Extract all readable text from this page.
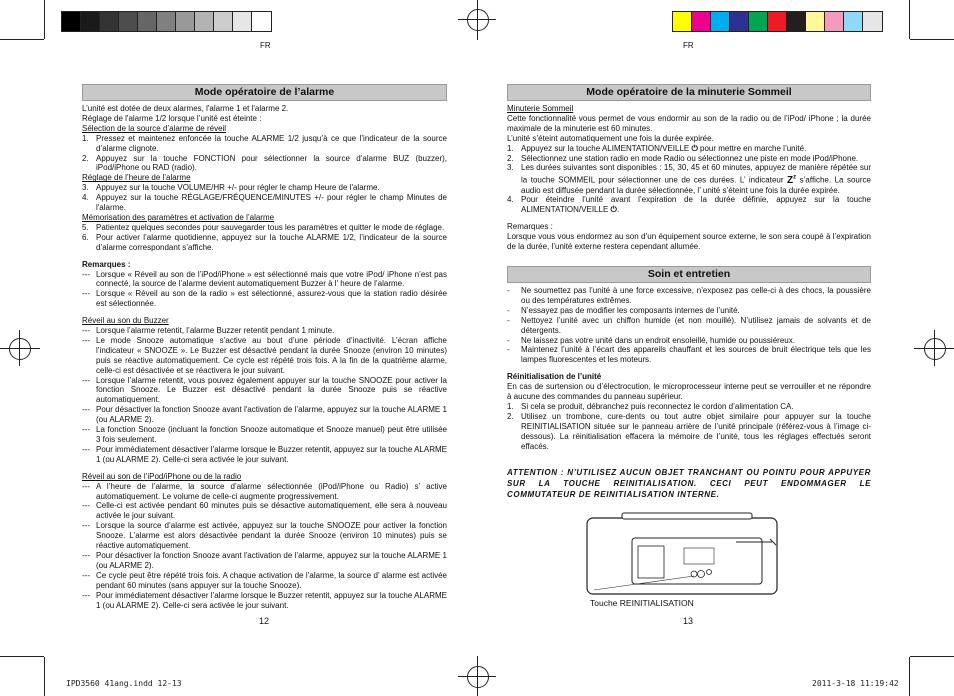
FR	FR
Mode opératoire de l’alarme

L’unité est dotée de deux alarmes, l'alarme 1 et l'alarme 2.

Réglage de l'alarme 1/2 lorsque l’unité est éteinte :

Sélection de la source d’alarme de réveil

1. Pressez et maintenez enfoncée la touche ALARME 1/2 jusqu’à ce que l’indicateur de la source d’alarme clignote.
2. Appuyez sur la touche FONCTION pour sélectionner la source d’alarme BUZ (buzzer), iPod/iPhone ou RAD (radio).

Réglage de l’heure de l’alarme

3. Appuyez sur la touche VOLUME/HR +/- pour régler le champ Heure de l'alarme.
4. Appuyez sur la touche RÉGLAGE/FRÉQUENCE/MINUTES +/- pour régler le champ Minutes de l'alarme.

Mémorisation des paramètres et activation de l’alarme

5. Patientez quelques secondes pour sauvegarder tous les paramètres et quitter le mode de réglage.
6. Pour activer l’alarme quotidienne, appuyez sur la touche ALARME 1/2, l’indicateur de la source d’alarme correspondant s’affiche.

Remarques :

--- Lorsque « Réveil au son de l’iPod/iPhone » est sélectionné mais que votre iPod/ iPhone n’est pas connecté, la source de l’alarme devient automatiquement Buzzer à l’ heure de l’alarme.
--- Lorsque « Réveil au son de la radio » est sélectionné, assurez-vous que la station radio désirée est sélectionnée.

Réveil au son du Buzzer

--- Lorsque l’alarme retentit, l’alarme Buzzer retentit pendant 1 minute.
--- Le mode Snooze automatique s’active au bout d’une période d’inactivité. L’écran affiche l’indicateur « SNOOZE ». Le Buzzer est désactivé pendant la durée Snooze (environ 10 minutes) puis se réactive automatiquement. Ce cycle est répété trois fois. A la fin de la quatrième alarme, celle-ci est désactivée et se réactivera le jour suivant.
--- Lorsque l’alarme retentit, vous pouvez également appuyer sur la touche SNOOZE pour activer la fonction Snooze. Le Buzzer est désactivé pendant la durée Snooze puis se réactive automatiquement.
--- Pour désactiver la fonction Snooze avant l'activation de l’alarme, appuyez sur la touche ALARME 1 (ou ALARME 2).
--- La fonction Snooze (incluant la fonction Snooze automatique et Snooze manuel) peut être utilisée 3 fois seulement.
--- Pour immédiatement désactiver l’alarme lorsque le Buzzer retentit, appuyez sur la touche ALARME 1 (ou ALARME 2). Celle-ci sera activée le jour suivant.

Réveil au son de l’iPod/iPhone ou de la radio

--- A l’heure de l’alarme, la source d’alarme sélectionnée (iPod/iPhone ou Radio) s’ active automatiquement. Le volume de celle-ci augmente progressivement.
--- Celle-ci est activée pendant 60 minutes puis se désactive automatiquement, elle sera à nouveau activée le jour suivant.
--- Lorsque la source d’alarme est activée, appuyez sur la touche SNOOZE pour activer la fonction Snooze. L'alarme est alors désactivée pendant la durée Snooze (environ 10 minutes) puis se réactive automatiquement.
--- Pour désactiver la fonction Snooze avant l'activation de l’alarme, appuyez sur la touche ALARME 1 (ou ALARME 2).
--- Ce cycle peut être répété trois fois. A chaque activation de l’alarme, la source d’ alarme est activée pendant 60 minutes (sans appuyer sur la touche Snooze).
--- Pour immédiatement désactiver l’alarme lorsque le Buzzer retentit, appuyez sur la touche ALARME 1 (ou ALARME 2). Celle-ci sera activée le jour suivant.
12
Mode opératoire de la minuterie Sommeil

Minuterie Sommeil

Cette fonctionnalité vous permet de vous endormir au son de la radio ou de l’iPod/ iPhone ; la durée maximale de la minuterie est 60 minutes.

L’unité s’éteint automatiquement une fois la durée expirée.

1. Appuyez sur la touche ALIMENTATION/VEILLE ⏻ pour mettre en marche l’unité.
2. Sélectionnez une station radio en mode Radio ou sélectionnez une piste en mode iPod/iPhone.
3. Les durées suivantes sont disponibles : 15, 30, 45 et 60 minutes, appuyez de manière répétée sur la touche SOMMEIL pour sélectionner une de ces durées. L’ indicateur $Z^z$ s’affiche. La source audio est diffusée pendant la durée sélectionnée, l’ unité s’éteint une fois la durée expirée.
4. Pour éteindre l’unité avant l’expiration de la durée définie, appuyez sur la touche ALIMENTATION/VEILLE ⏻.

Remarques :

Lorsque vous vous endormez au son d’un équipement source externe, le son sera coupé à l’expiration de la durée, l’unité externe restera cependant allumée.

Soin et entretien
-	Ne soumettez pas l’unité à une force excessive, n’exposez pas celle-ci à des chocs, la poussière ou des températures extrêmes.
-	N’essayez pas de modifier les composants internes de l’unité.
-	Nettoyez l’unité avec un chiffon humide (et non mouillé). N’utilisez jamais de solvants et de détergents.
-	Ne laissez pas votre unité dans un endroit ensoleillé, humide ou poussiéreux.
-	Maintenez l’unité à l’écart des appareils chauffant et les sources de bruit électrique tels que les lampes fluorescentes et les moteurs.

Réinitialisation de l’unité

En cas de surtension ou d’électrocution, le microprocesseur interne peut se verrouiller et ne répondre à aucune des commandes du panneau supérieur.

1. Si cela se produit, débranchez puis reconnectez le cordon d’alimentation CA.
2. Utilisez un trombone, cure-dents ou tout autre objet similaire pour appuyer sur la touche REINITIALISATION située sur le panneau arrière de l’unité principale (référez-vous à l’image ci-dessous). La réinitialisation effacera la mémoire de l’unité, tous les réglages effectués seront effacés.

ATTENTION : N’UTILISEZ AUCUN OBJET TRANCHANT OU POINTU POUR APPUYER SUR LA TOUCHE REINITIALISATION. CECI PEUT ENDOMMAGER LE COMMUTATEUR DE REINITIALISATION INTERNE.

Touche REINITIALISATION
13
IPD3560 41ang.indd 12-13	2011-3-18 11:19:42
